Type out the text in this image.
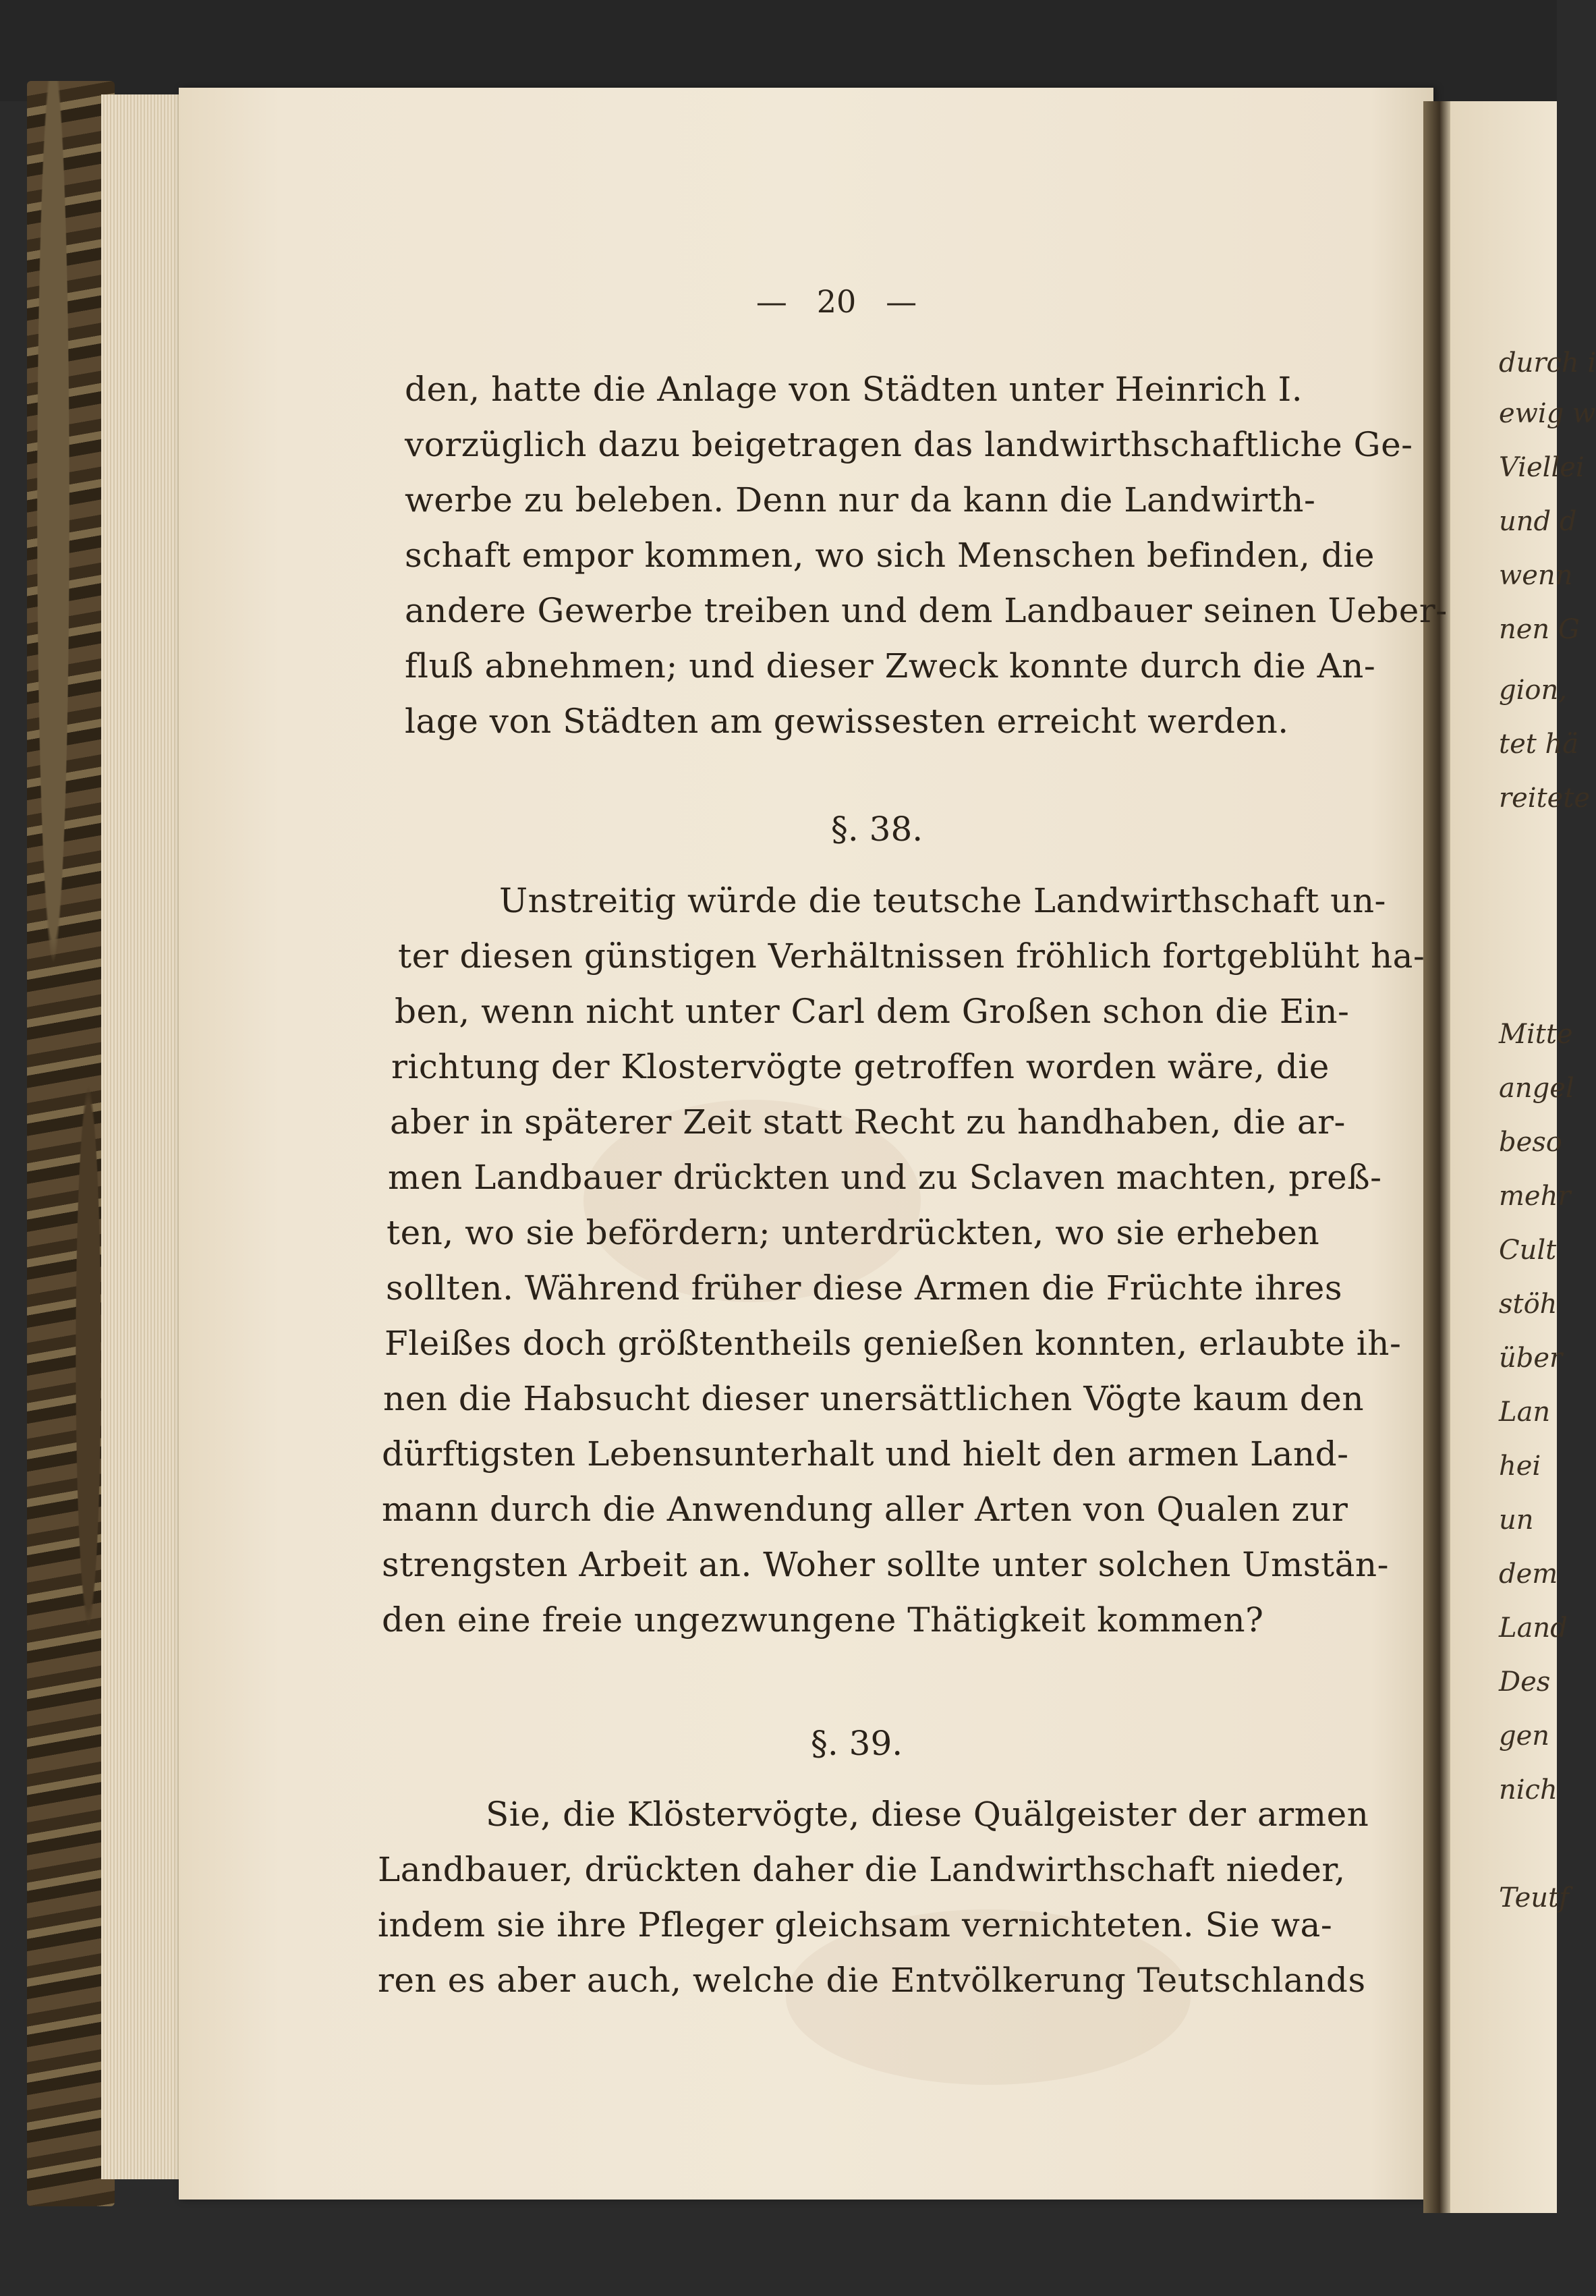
durch i
ewig w
Viellei
und d
wenn
nen G
gion,
tet hä
reitete
Mitte
angel
beso
mehr
Cult
stöh
über
Lan
hei
un
dem
Land
Des
gen
nich
Teutf
— 20 —
den, hatte die Anlage von Städten unter Heinrich I.
vorzüglich dazu beigetragen das landwirthschaftliche Ge-
werbe zu beleben. Denn nur da kann die Landwirth-
schaft empor kommen, wo sich Menschen befinden, die
andere Gewerbe treiben und dem Landbauer seinen Ueber-
fluß abnehmen; und dieser Zweck konnte durch die An-
lage von Städten am gewissesten erreicht werden.
§. 38.
Unstreitig würde die teutsche Landwirthschaft un-
ter diesen günstigen Verhältnissen fröhlich fortgeblüht ha-
ben, wenn nicht unter Carl dem Großen schon die Ein-
richtung der Klostervögte getroffen worden wäre, die
aber in späterer Zeit statt Recht zu handhaben, die ar-
men Landbauer drückten und zu Sclaven machten, preß-
ten, wo sie befördern; unterdrückten, wo sie erheben
sollten. Während früher diese Armen die Früchte ihres
Fleißes doch größtentheils genießen konnten, erlaubte ih-
nen die Habsucht dieser unersättlichen Vögte kaum den
dürftigsten Lebensunterhalt und hielt den armen Land-
mann durch die Anwendung aller Arten von Qualen zur
strengsten Arbeit an. Woher sollte unter solchen Umstän-
den eine freie ungezwungene Thätigkeit kommen?
§. 39.
Sie, die Klöstervögte, diese Quälgeister der armen
Landbauer, drückten daher die Landwirthschaft nieder,
indem sie ihre Pfleger gleichsam vernichteten. Sie wa-
ren es aber auch, welche die Entvölkerung Teutschlands
